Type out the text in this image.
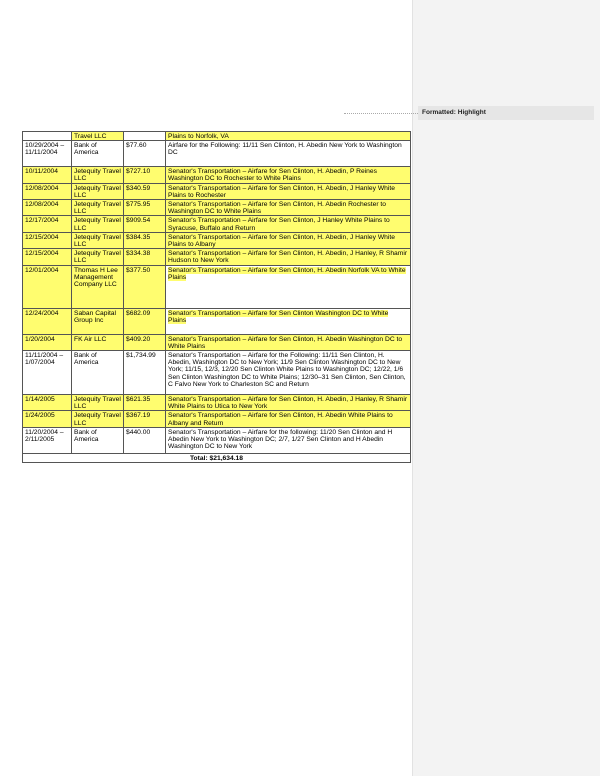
	Travel LLC		Plains to Norfolk, VA
10/29/2004 – 11/11/2004	Bank of America	$77.60	Airfare for the Following: 11/11 Sen Clinton, H. Abedin New York to Washington DC
10/11/2004	Jetequity Travel LLC	$727.10	Senator's Transportation – Airfare for Sen Clinton, H. Abedin, P Reines Washington DC to Rochester to White Plains
12/08/2004	Jetequity Travel LLC	$340.59	Senator's Transportation – Airfare for Sen Clinton, H. Abedin, J Hanley White Plains to Rochester
12/08/2004	Jetequity Travel LLC	$775.95	Senator's Transportation – Airfare for Sen Clinton, H. Abedin Rochester to Washington DC to White Plains
12/17/2004	Jetequity Travel LLC	$909.54	Senator's Transportation – Airfare for Sen Clinton, J Hanley White Plains to Syracuse, Buffalo and Return
12/15/2004	Jetequity Travel LLC	$384.35	Senator's Transportation – Airfare for Sen Clinton, H. Abedin, J Hanley White Plains to Albany
12/15/2004	Jetequity Travel LLC	$334.38	Senator's Transportation – Airfare for Sen Clinton, H. Abedin, J Hanley, R Shamir Hudson to New York
12/01/2004	Thomas H Lee Management Company LLC	$377.50	Senator's Transportation – Airfare for Sen Clinton, H. Abedin Norfolk VA to White Plains
12/24/2004	Saban Capital Group Inc	$682.09	Senator's Transportation – Airfare for Sen Clinton Washington DC to White Plains
1/20/2004	FK Air LLC	$409.20	Senator's Transportation – Airfare for Sen Clinton, H. Abedin Washington DC to White Plains
11/11/2004 – 1/07/2004	Bank of America	$1,734.99	Senator's Transportation – Airfare for the Following: 11/11 Sen Clinton, H. Abedin, Washington DC to New York; 11/9 Sen Clinton Washington DC to New York; 11/15, 12/3, 12/20 Sen Clinton White Plains to Washington DC; 12/22, 1/6 Sen Clinton Washington DC to White Plains; 12/30–31 Sen Clinton, Sen Clinton, C Falvo New York to Charleston SC and Return
1/14/2005	Jetequity Travel LLC	$621.35	Senator's Transportation – Airfare for Sen Clinton, H. Abedin, J Hanley, R Shamir White Plains to Utica to New York
1/24/2005	Jetequity Travel LLC	$367.19	Senator's Transportation – Airfare for Sen Clinton, H. Abedin White Plains to Albany and Return
11/20/2004 – 2/11/2005	Bank of America	$440.00	Senator's Transportation – Airfare for the following: 11/20 Sen Clinton and H Abedin New York to Washington DC; 2/7, 1/27 Sen Clinton and H Abedin Washington DC to New York
Total: $21,634.18			
Formatted: Highlight
